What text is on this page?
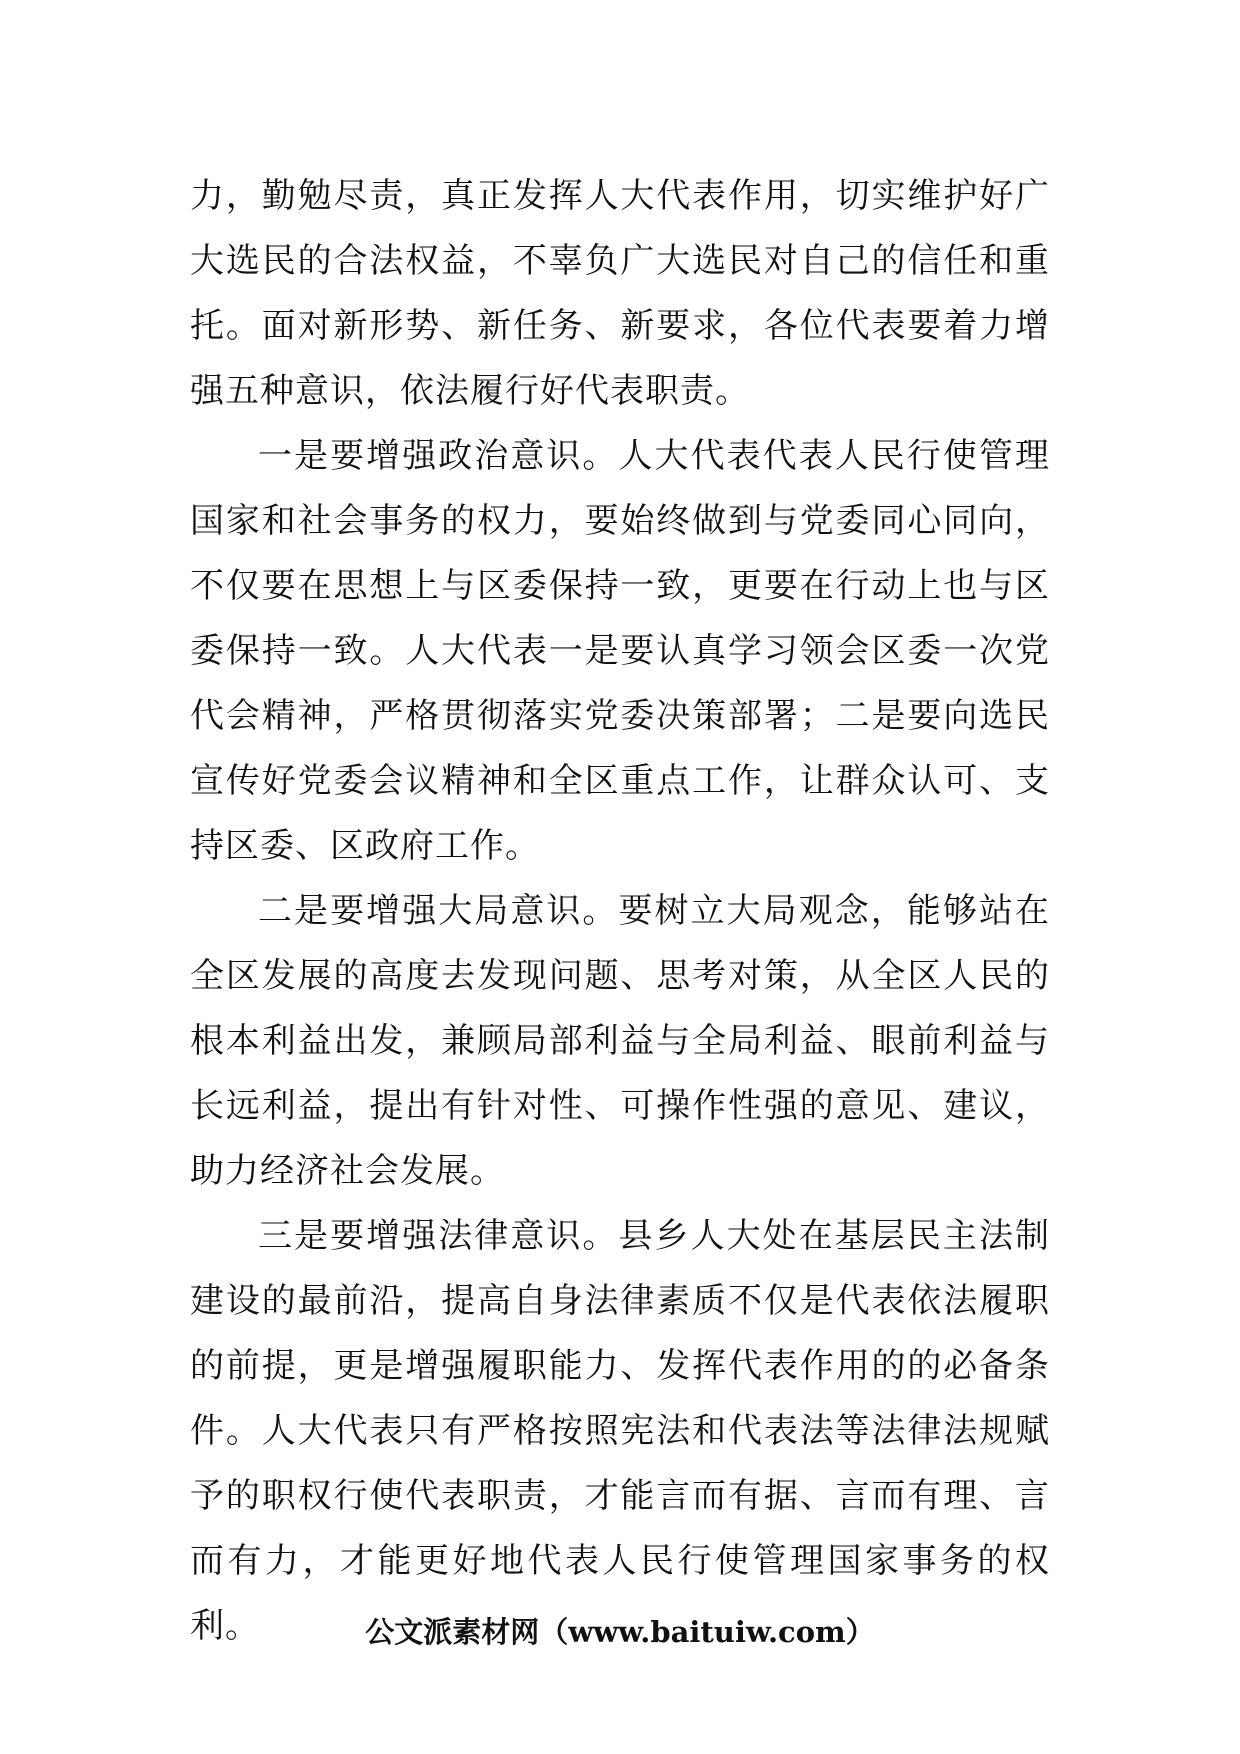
力，勤勉尽责，真正发挥人大代表作用，切实维护好广大选民的合法权益，不辜负广大选民对自己的信任和重托。面对新形势、新任务、新要求，各位代表要着力增强五种意识，依法履行好代表职责。

一是要增强政治意识。人大代表代表人民行使管理国家和社会事务的权力，要始终做到与党委同心同向，不仅要在思想上与区委保持一致，更要在行动上也与区委保持一致。人大代表一是要认真学习领会区委一次党代会精神，严格贯彻落实党委决策部署；二是要向选民宣传好党委会议精神和全区重点工作，让群众认可、支持区委、区政府工作。

二是要增强大局意识。要树立大局观念，能够站在全区发展的高度去发现问题、思考对策，从全区人民的根本利益出发，兼顾局部利益与全局利益、眼前利益与长远利益，提出有针对性、可操作性强的意见、建议，助力经济社会发展。

三是要增强法律意识。县乡人大处在基层民主法制建设的最前沿，提高自身法律素质不仅是代表依法履职的前提，更是增强履职能力、发挥代表作用的的必备条件。人大代表只有严格按照宪法和代表法等法律法规赋予的职权行使代表职责，才能言而有据、言而有理、言而有力，才能更好地代表人民行使管理国家事务的权利。	公文派素材网（www.baituiw.com）
